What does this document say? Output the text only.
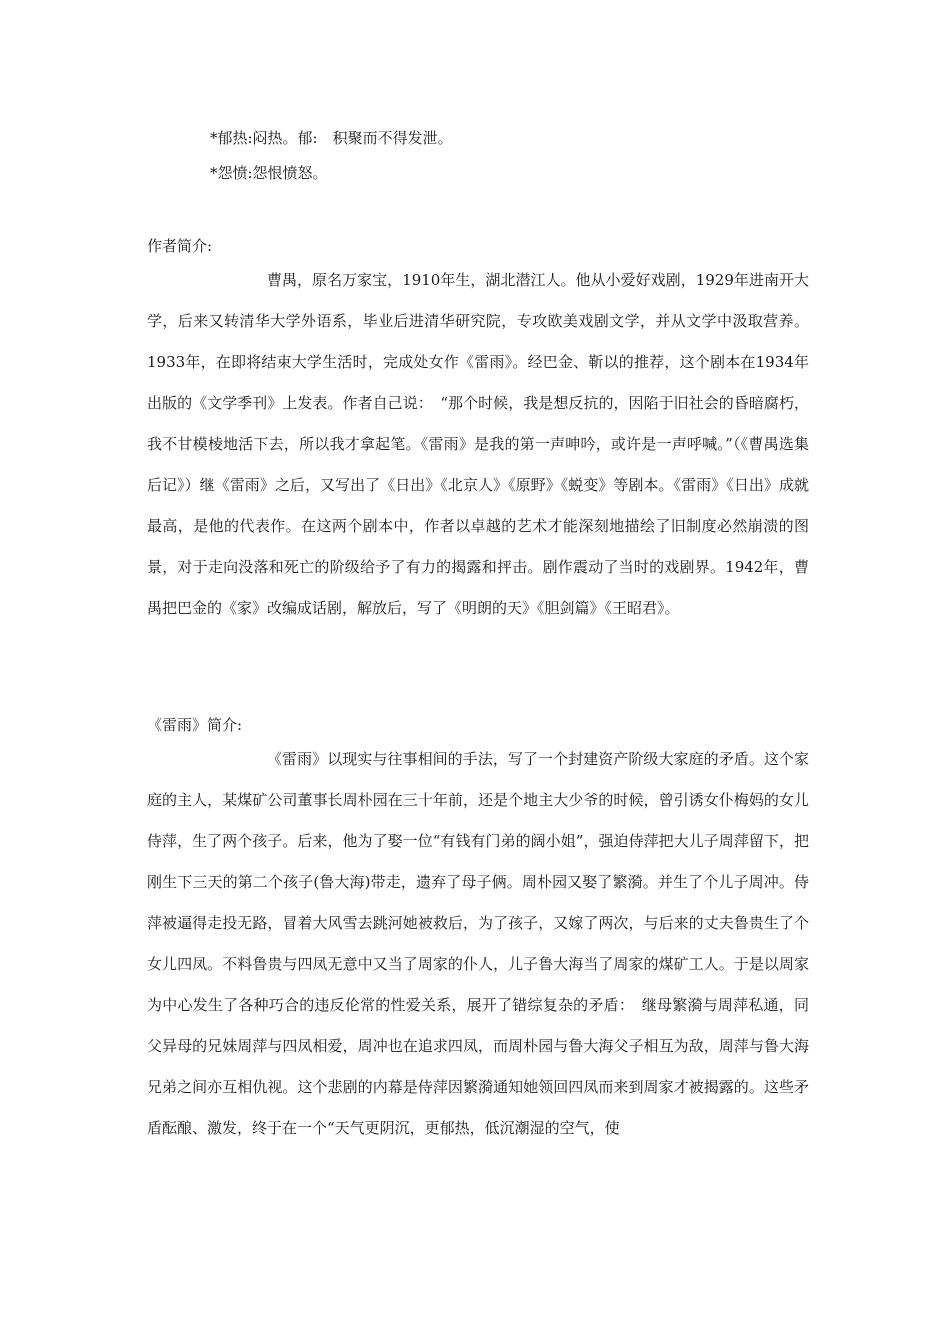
*郁热:闷热。郁:　积聚而不得发泄。
*怨愤:怨恨愤怒。
作者简介:

曹禺，原名万家宝，1910年生，湖北潜江人。他从小爱好戏剧，1929年进南开大学，后来又转清华大学外语系，毕业后进清华研究院，专攻欧美戏剧文学，并从文学中汲取营养。1933年，在即将结束大学生活时，完成处女作《雷雨》。经巴金、靳以的推荐，这个剧本在1934年出版的《文学季刊》上发表。作者自己说：　“那个时候，我是想反抗的，因陷于旧社会的昏暗腐朽，我不甘模棱地活下去，所以我才拿起笔。《雷雨》是我的第一声呻吟，或许是一声呼喊。”（《曹禺选集后记》）继《雷雨》之后，又写出了《日出》《北京人》《原野》《蜕变》等剧本。《雷雨》《日出》成就最高，是他的代表作。在这两个剧本中，作者以卓越的艺术才能深刻地描绘了旧制度必然崩溃的图景，对于走向没落和死亡的阶级给予了有力的揭露和抨击。剧作震动了当时的戏剧界。1942年，曹禺把巴金的《家》改编成话剧，解放后，写了《明朗的天》《胆剑篇》《王昭君》。

《雷雨》简介:

《雷雨》以现实与往事相间的手法，写了一个封建资产阶级大家庭的矛盾。这个家庭的主人，某煤矿公司董事长周朴园在三十年前，还是个地主大少爷的时候，曾引诱女仆梅妈的女儿侍萍，生了两个孩子。后来，他为了娶一位“有钱有门弟的阔小姐”，强迫侍萍把大儿子周萍留下，把刚生下三天的第二个孩子(鲁大海)带走，遗弃了母子俩。周朴园又娶了繁漪。并生了个儿子周冲。侍萍被逼得走投无路，冒着大风雪去跳河她被救后，为了孩子，又嫁了两次，与后来的丈夫鲁贵生了个女儿四凤。不料鲁贵与四凤无意中又当了周家的仆人，儿子鲁大海当了周家的煤矿工人。于是以周家为中心发生了各种巧合的违反伦常的性爱关系，展开了错综复杂的矛盾：　继母繁漪与周萍私通，同父异母的兄妹周萍与四凤相爱，周冲也在追求四凤，而周朴园与鲁大海父子相互为敌，周萍与鲁大海兄弟之间亦互相仇视。这个悲剧的内幕是侍萍因繁漪通知她领回四凤而来到周家才被揭露的。这些矛盾酝酿、激发，终于在一个“天气更阴沉，更郁热，低沉潮湿的空气，使
